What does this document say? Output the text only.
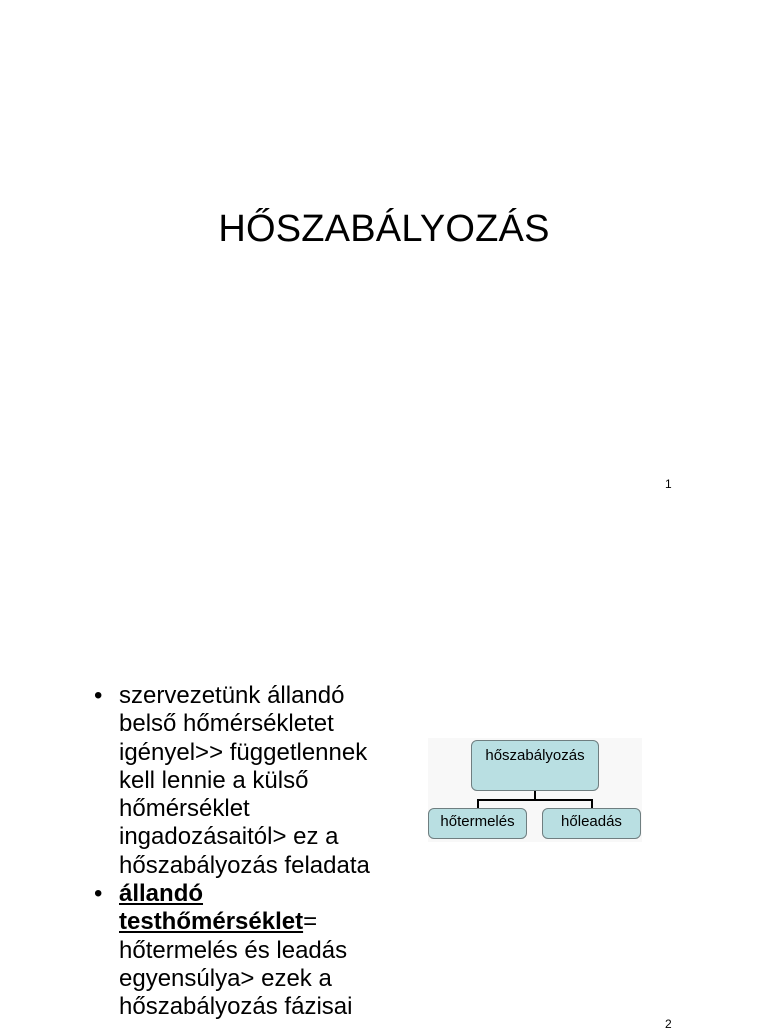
HŐSZABÁLYOZÁS
1
• szervezetünk állandó belső hőmérsékletet igényel>> függetlennek kell lennie a külső hőmérséklet ingadozásaitól> ez a hőszabályozás feladata
• állandó testhőmérséklet= hőtermelés és leadás egyensúlya> ezek a hőszabályozás fázisai
hőszabályozás
hőtermelés	hőleadás
2
